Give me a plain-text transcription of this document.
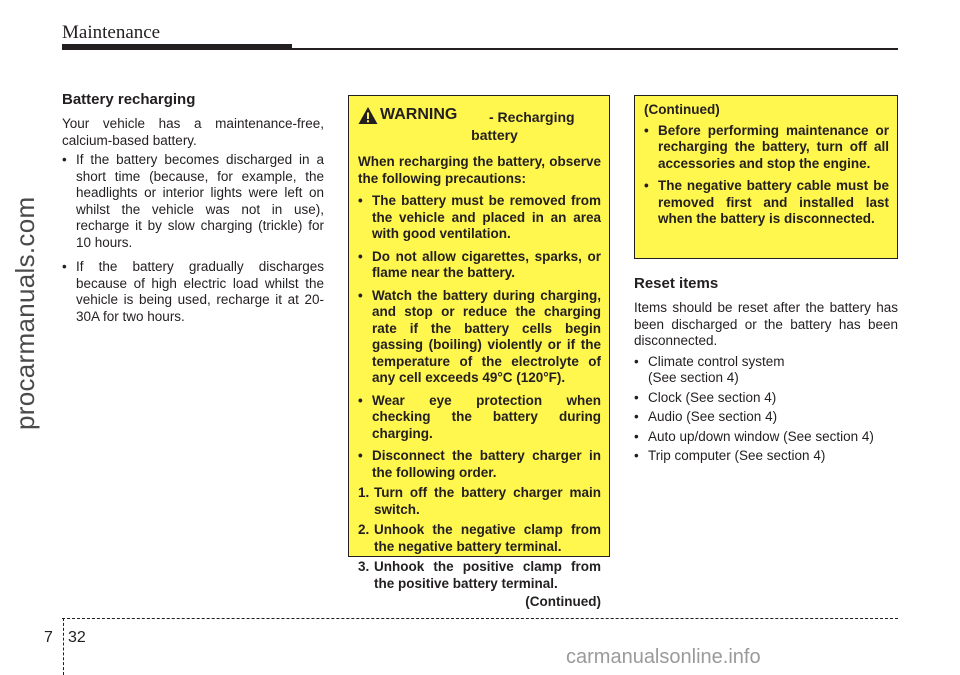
Maintenance
procarmanuals.com
Battery recharging

Your vehicle has a maintenance-free, calcium-based battery.

• If the battery becomes discharged in a short time (because, for example, the headlights or interior lights were left on whilst the vehicle was not in use), recharge it by slow charging (trickle) for 10 hours.
• If the battery gradually discharges because of high electric load whilst the vehicle is being used, recharge it at 20-30A for two hours.
WARNING - Recharging
battery
When recharging the battery, observe the following precautions:
• The battery must be removed from the vehicle and placed in an area with good ventilation.
• Do not allow cigarettes, sparks, or flame near the battery.
• Watch the battery during charging, and stop or reduce the charging rate if the battery cells begin gassing (boiling) violently or if the temperature of the electrolyte of any cell exceeds 49°C (120°F).
• Wear eye protection when checking the battery during charging.
• Disconnect the battery charger in the following order.
1. Turn off the battery charger main switch.
2. Unhook the negative clamp from the negative battery terminal.
3. Unhook the positive clamp from the positive battery terminal.
(Continued)
(Continued)
• Before performing maintenance or recharging the battery, turn off all accessories and stop the engine.
• The negative battery cable must be removed first and installed last when the battery is disconnected.
Reset items

Items should be reset after the battery has been discharged or the battery has been disconnected.

• Climate control system
(See section 4)
• Clock (See section 4)
• Audio (See section 4)
• Auto up/down window (See section 4)
• Trip computer (See section 4)
7 32
carmanualsonline.info
